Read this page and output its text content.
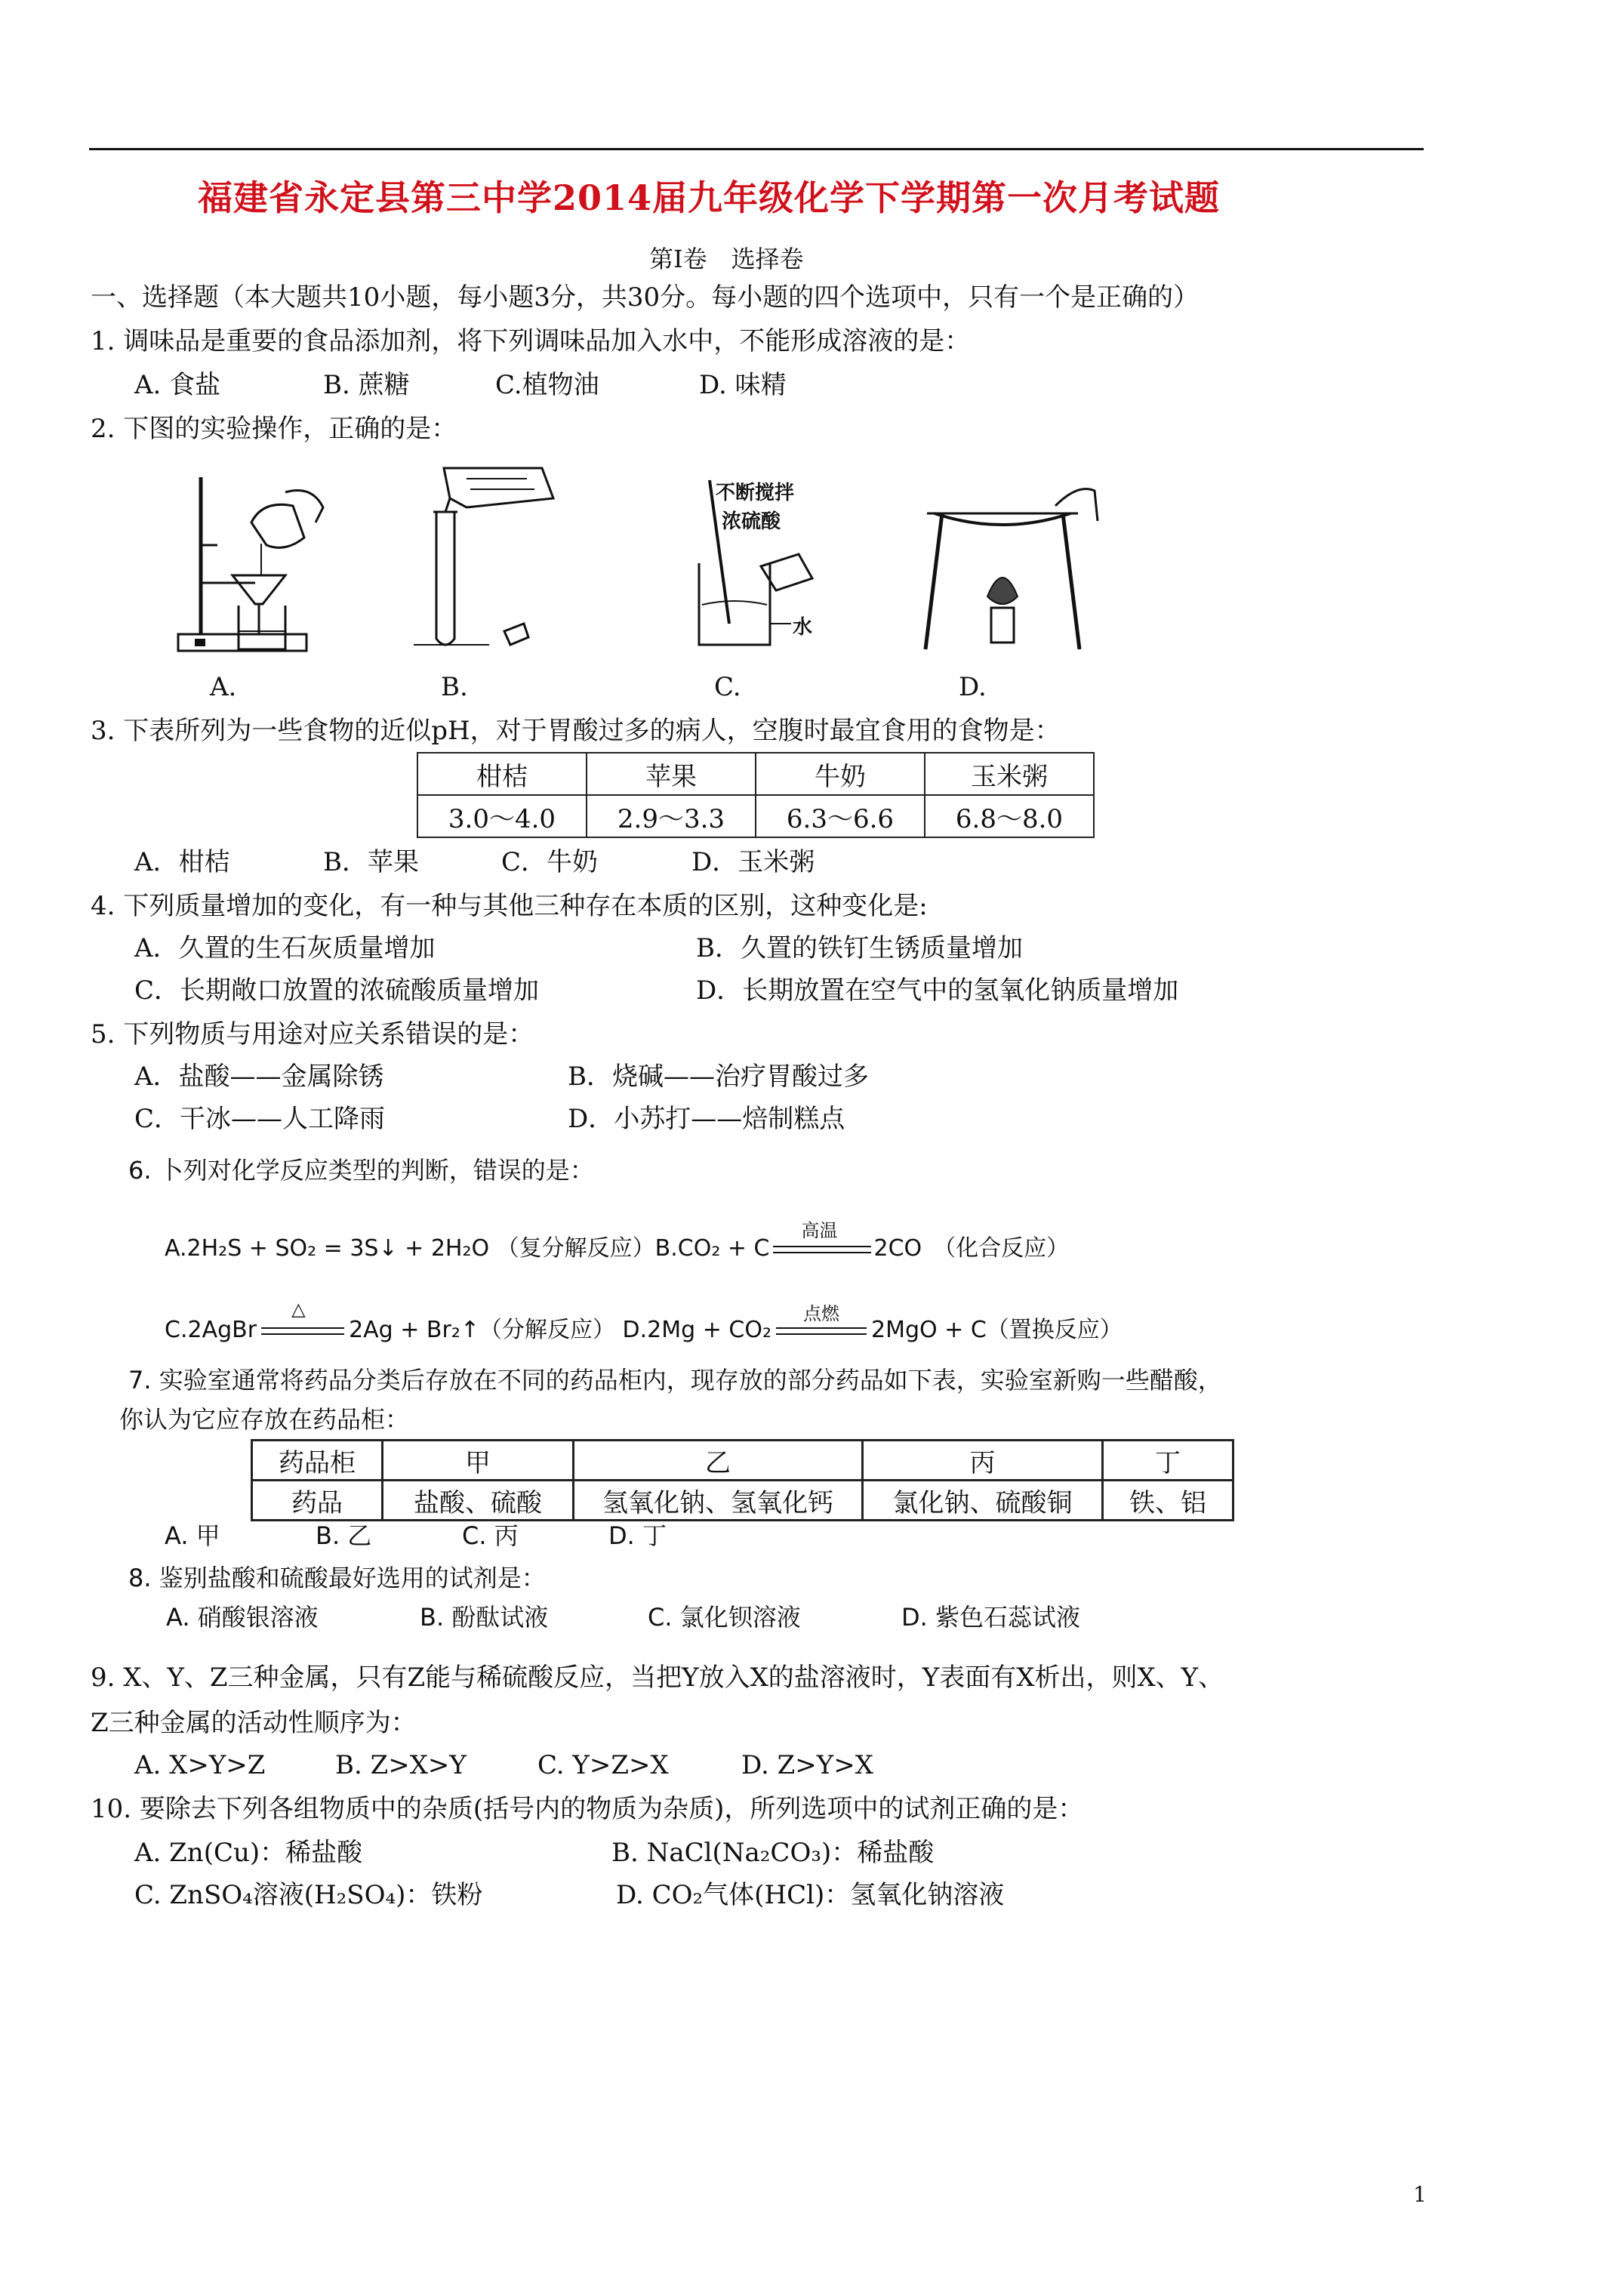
福建省永定县第三中学2014届九年级化学下学期第一次月考试题
第Ⅰ卷　选择卷
一、选择题（本大题共10小题，每小题3分，共30分。每小题的四个选项中，只有一个是正确的）
1. 调味品是重要的食品添加剂，将下列调味品加入水中，不能形成溶液的是：
A. 食盐	B. 蔗糖	C.植物油	D. 味精
2. 下图的实验操作，正确的是：
不断搅拌
浓硫酸
水
A.	B.	C.	D.
3. 下表所列为一些食物的近似pH，对于胃酸过多的病人，空腹时最宜食用的食物是：
柑桔	苹果	牛奶	玉米粥
3.0～4.0	2.9～3.3	6.3～6.6	6.8～8.0
A．柑桔	B．苹果	C．牛奶	D．玉米粥
4. 下列质量增加的变化，有一种与其他三种存在本质的区别，这种变化是:
A．久置的生石灰质量增加	B．久置的铁钉生锈质量增加
C．长期敞口放置的浓硫酸质量增加	D．长期放置在空气中的氢氧化钠质量增加
5. 下列物质与用途对应关系错误的是：
A．盐酸——金属除锈	B．烧碱——治疗胃酸过多
C．干冰——人工降雨	D．小苏打——焙制糕点
6. 卜列对化学反应类型的判断，错误的是：
A.2H₂S + SO₂ = 3S↓ + 2H₂O （复分解反应）B.CO₂ + C
高温
2CO　（化合反应）
C.2AgBr
△
2Ag + Br₂↑（分解反应） D.2Mg + CO₂
点燃
2MgO + C（置换反应）
7. 实验室通常将药品分类后存放在不同的药品柜内，现存放的部分药品如下表，实验室新购一些醋酸，
你认为它应存放在药品柜：
药品柜	甲	乙	丙	丁
药品	盐酸、硫酸	氢氧化钠、氢氧化钙	氯化钠、硫酸铜	铁、铝
A. 甲	B. 乙	C. 丙	D. 丁
8. 鉴别盐酸和硫酸最好选用的试剂是：
A. 硝酸银溶液	B. 酚酞试液	C. 氯化钡溶液	D. 紫色石蕊试液
9. X、Y、Z三种金属，只有Z能与稀硫酸反应，当把Y放入X的盐溶液时，Y表面有X析出，则X、Y、
Z三种金属的活动性顺序为：
A. X>Y>Z	B. Z>X>Y	C. Y>Z>X	D. Z>Y>X
10. 要除去下列各组物质中的杂质(括号内的物质为杂质)，所列选项中的试剂正确的是：
A. Zn(Cu)：稀盐酸	B. NaCl(Na₂CO₃)：稀盐酸
C. ZnSO₄溶液(H₂SO₄)：铁粉	D. CO₂气体(HCl)：氢氧化钠溶液
1
